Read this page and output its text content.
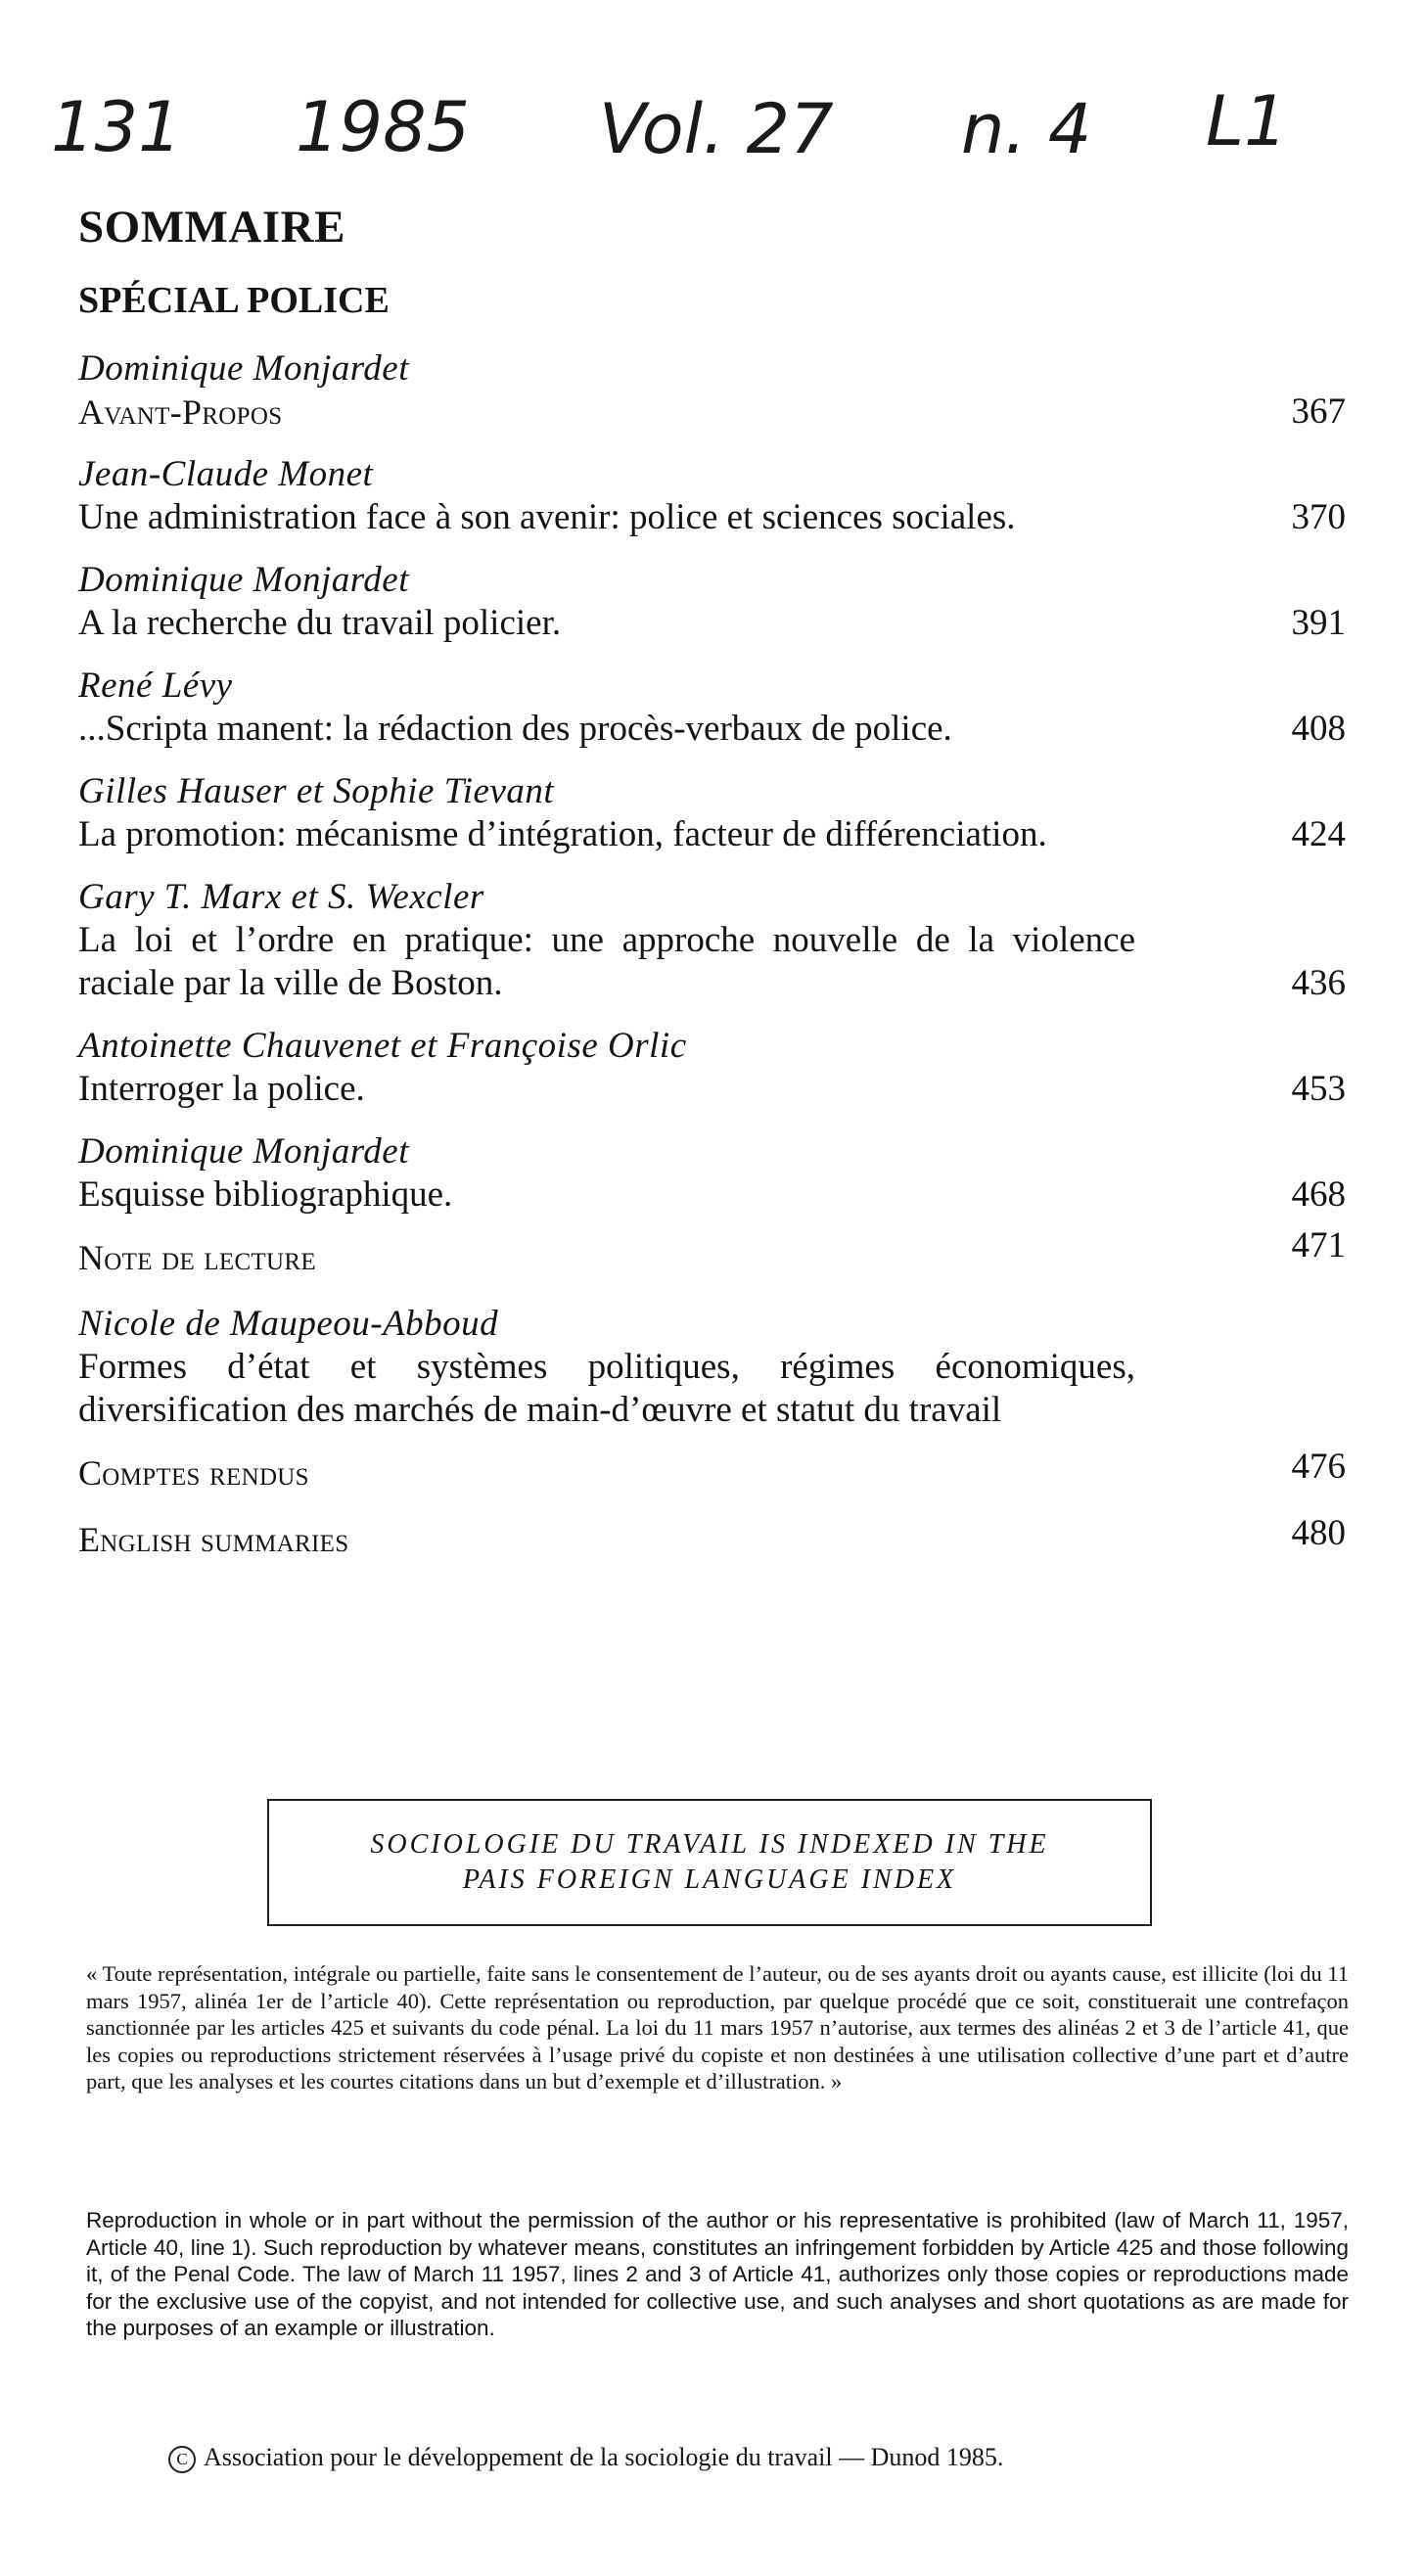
131 1985 Vol. 27 n. 4 L1
SOMMAIRE
SPÉCIAL POLICE
Dominique Monjardet
Avant-Propos	367
Jean-Claude Monet
Une administration face à son avenir: police et sciences sociales.	370
Dominique Monjardet
A la recherche du travail policier.	391
René Lévy
...Scripta manent: la rédaction des procès-verbaux de police.	408
Gilles Hauser et Sophie Tievant
La promotion: mécanisme d’intégration, facteur de différenciation.	424
Gary T. Marx et S. Wexcler
La loi et l’ordre en pratique: une approche nouvelle de la violence raciale par la ville de Boston.	436
Antoinette Chauvenet et Françoise Orlic
Interroger la police.	453
Dominique Monjardet
Esquisse bibliographique.	468
Note de lecture	471
Nicole de Maupeou-Abboud
Formes d’état et systèmes politiques, régimes économiques, diversification des marchés de main-d’œuvre et statut du travail
Comptes rendus	476
English summaries	480
SOCIOLOGIE DU TRAVAIL IS INDEXED IN THE
PAIS FOREIGN LANGUAGE INDEX
« Toute représentation, intégrale ou partielle, faite sans le consentement de l’auteur, ou de ses ayants droit ou ayants cause, est illicite (loi du 11 mars 1957, alinéa 1er de l’article 40). Cette représentation ou reproduction, par quelque procédé que ce soit, constituerait une contrefaçon sanctionnée par les articles 425 et suivants du code pénal. La loi du 11 mars 1957 n’autorise, aux termes des alinéas 2 et 3 de l’article 41, que les copies ou reproductions strictement réservées à l’usage privé du copiste et non destinées à une utilisation collective d’une part et d’autre part, que les analyses et les courtes citations dans un but d’exemple et d’illustration. »
Reproduction in whole or in part without the permission of the author or his representative is prohibited (law of March 11, 1957, Article 40, line 1). Such reproduction by whatever means, constitutes an infringement forbidden by Article 425 and those following it, of the Penal Code. The law of March 11 1957, lines 2 and 3 of Article 41, authorizes only those copies or reproductions made for the exclusive use of the copyist, and not intended for collective use, and such analyses and short quotations as are made for the purposes of an example or illustration.
C Association pour le développement de la sociologie du travail — Dunod 1985.
